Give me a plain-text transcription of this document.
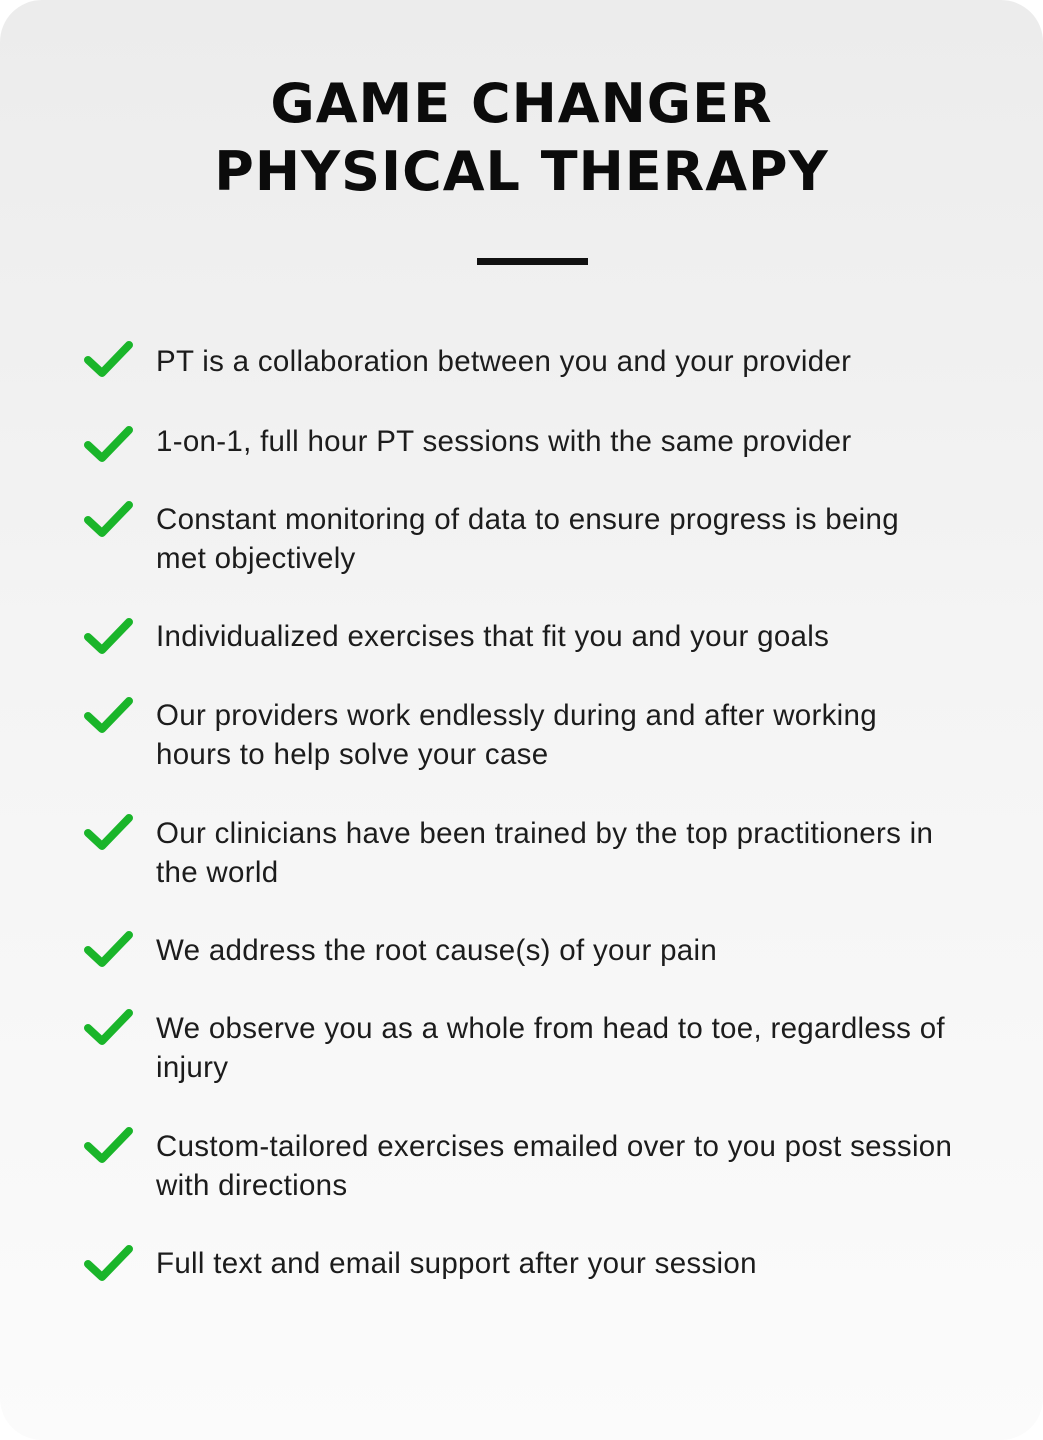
GAME CHANGER
PHYSICAL THERAPY
PT is a collaboration between you and your provider
1-on-1, full hour PT sessions with the same provider
Constant monitoring of data to ensure progress is being met objectively
Individualized exercises that fit you and your goals
Our providers work endlessly during and after working hours to help solve your case
Our clinicians have been trained by the top practitioners in the world
We address the root cause(s) of your pain
We observe you as a whole from head to toe, regardless of injury
Custom-tailored exercises emailed over to you post session with directions
Full text and email support after your session
